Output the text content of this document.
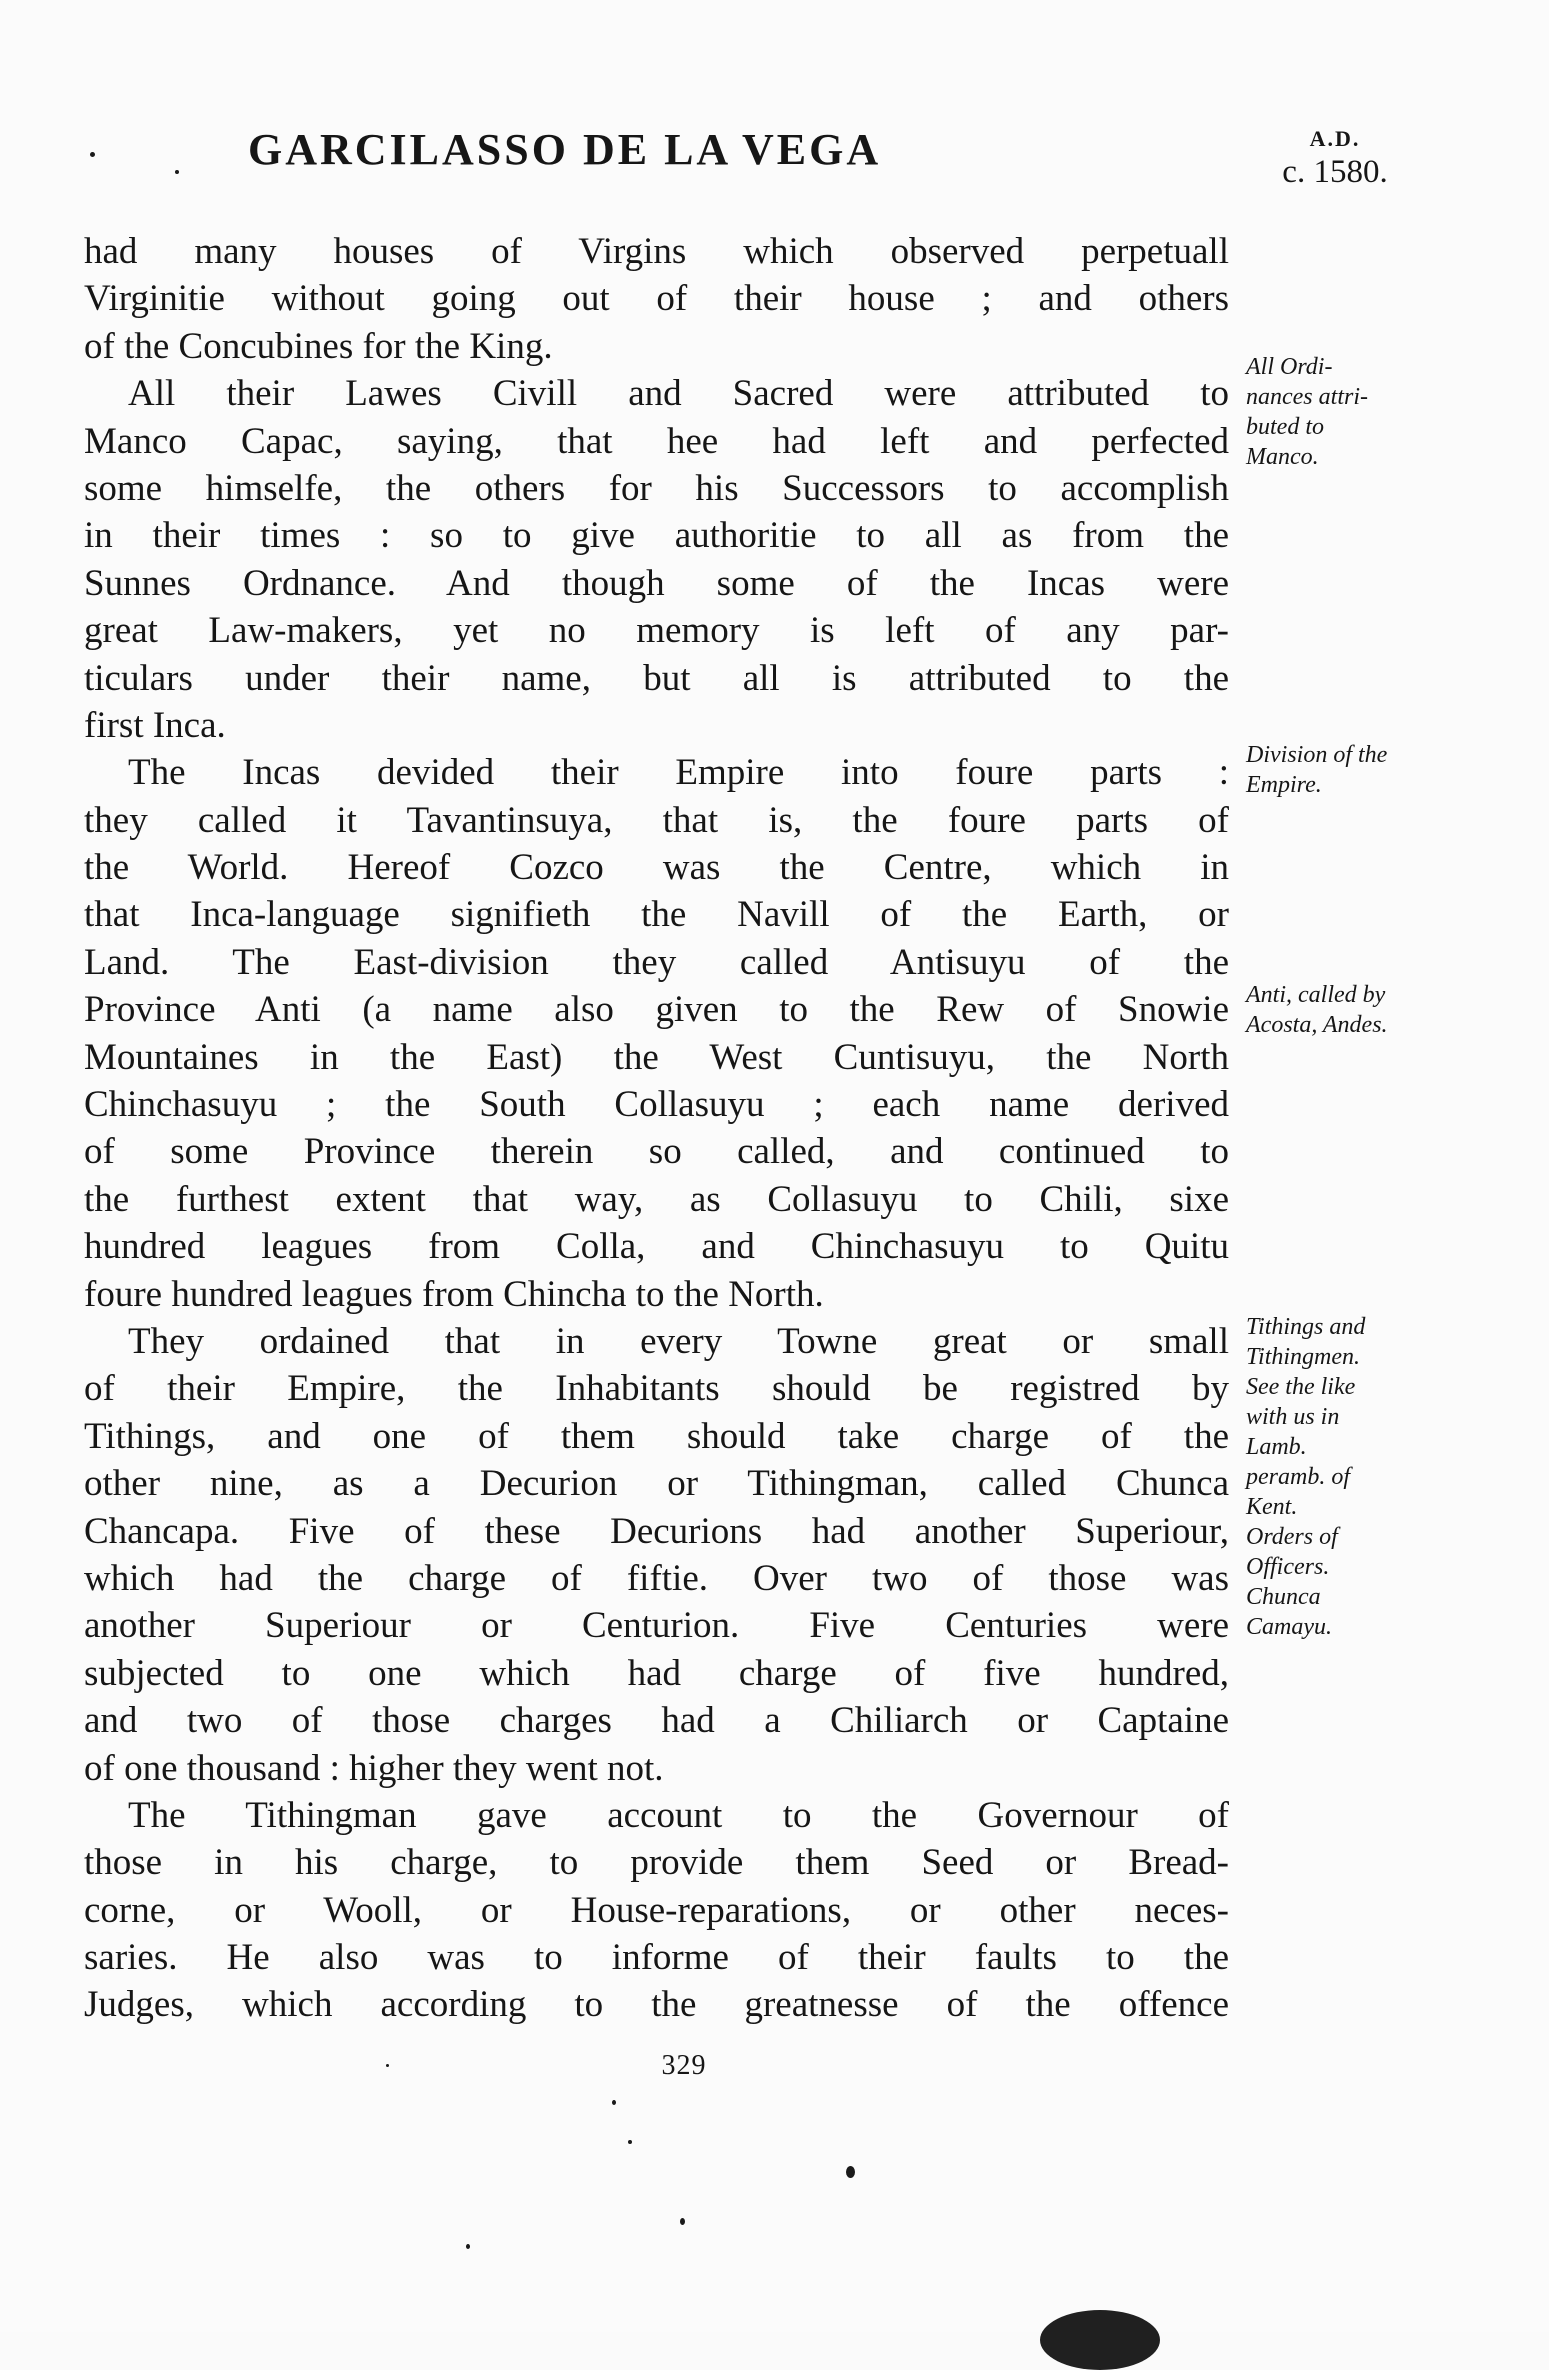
GARCILASSO DE LA VEGA	A.D.
c. 1580.
had many houses of Virgins which observed perpetuall
Virginitie without going out of their house ; and others
of the Concubines for the King.
All their Lawes Civill and Sacred were attributed to
Manco Capac, saying, that hee had left and perfected
some himselfe, the others for his Successors to accomplish
in their times : so to give authoritie to all as from the
Sunnes Ordnance. And though some of the Incas were
great Law-makers, yet no memory is left of any par-
ticulars under their name, but all is attributed to the
first Inca.
The Incas devided their Empire into foure parts :
they called it Tavantinsuya, that is, the foure parts of
the World. Hereof Cozco was the Centre, which in
that Inca-language signifieth the Navill of the Earth, or
Land. The East-division they called Antisuyu of the
Province Anti (a name also given to the Rew of Snowie
Mountaines in the East) the West Cuntisuyu, the North
Chinchasuyu ; the South Collasuyu ; each name derived
of some Province therein so called, and continued to
the furthest extent that way, as Collasuyu to Chili, sixe
hundred leagues from Colla, and Chinchasuyu to Quitu
foure hundred leagues from Chincha to the North.
They ordained that in every Towne great or small
of their Empire, the Inhabitants should be registred by
Tithings, and one of them should take charge of the
other nine, as a Decurion or Tithingman, called Chunca
Chancapa. Five of these Decurions had another Superiour,
which had the charge of fiftie. Over two of those was
another Superiour or Centurion. Five Centuries were
subjected to one which had charge of five hundred,
and two of those charges had a Chiliarch or Captaine
of one thousand : higher they went not.
The Tithingman gave account to the Governour of
those in his charge, to provide them Seed or Bread-
corne, or Wooll, or House-reparations, or other neces-
saries. He also was to informe of their faults to the
Judges, which according to the greatnesse of the offence
All Ordi-
nances attri-
buted to
Manco.
Division of the
Empire.
Anti, called by
Acosta, Andes.
Tithings and
Tithingmen.
See the like
with us in
Lamb.
peramb. of
Kent.
Orders of
Officers.
Chunca
Camayu.
329
